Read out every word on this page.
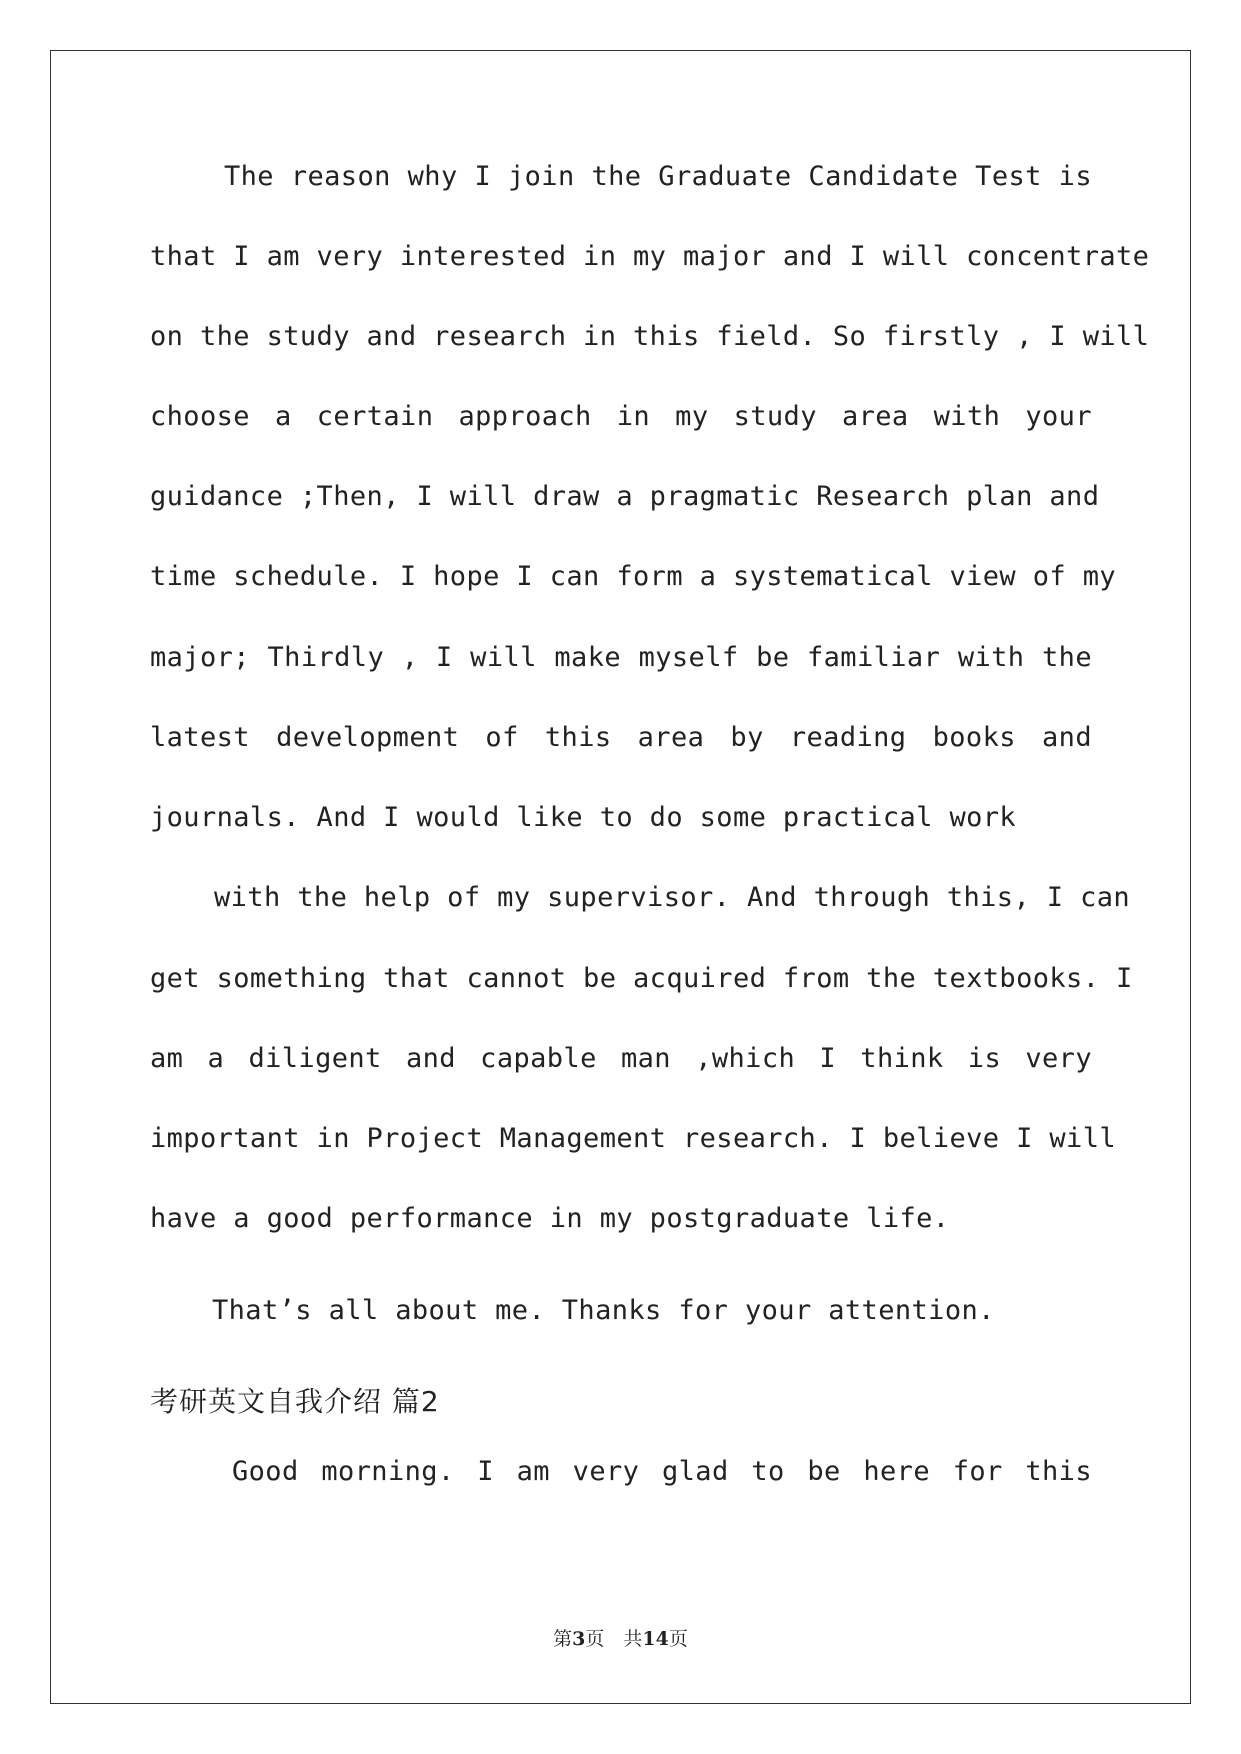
The reason why I join the Graduate Candidate Test is
that I am very interested in my major and I will concentrate
on the study and research in this field. So firstly , I will
choose a certain approach in my study area with your
guidance ;Then, I will draw a pragmatic Research plan and
time schedule. I hope I can form a systematical view of my
major; Thirdly , I will make myself be familiar with the
latest development of this area by reading books and
journals. And I would like to do some practical work
with the help of my supervisor. And through this, I can
get something that cannot be acquired from the textbooks. I
am a diligent and capable man ,which I think is very
important in Project Management research. I believe I will
have a good performance in my postgraduate life.
That’s all about me. Thanks for your attention.
考研英文自我介绍 篇2
Good morning. I am very glad to be here for this
第3页　共14页
